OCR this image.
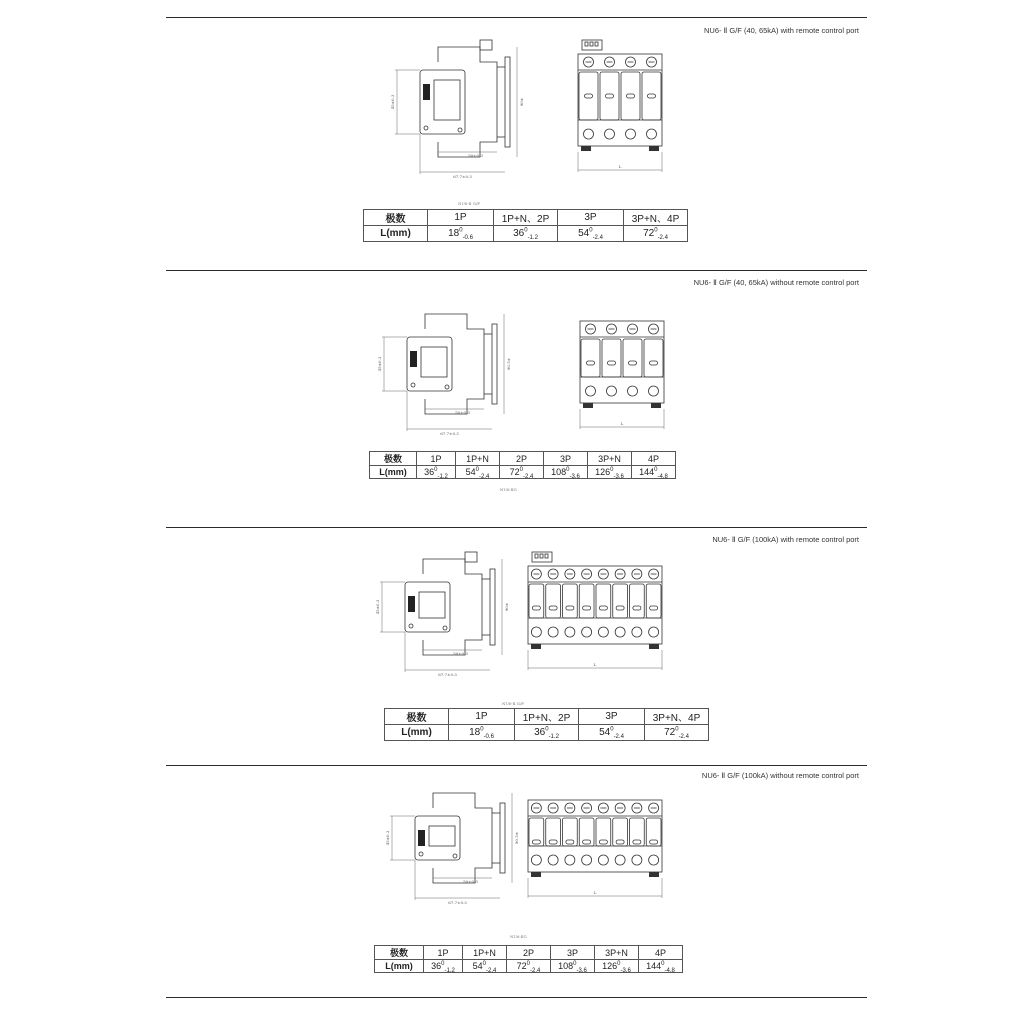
NU6- Ⅱ G/F (40, 65kA) with remote control port
45±0.3	90±
50±0.3
67.7±0.3
L
NU6-Ⅱ G/F
极数	1P	1P+N、2P	3P	3P+N、4P
L(mm)	$18^0_{-0.6}$	$36^0_{-1.2}$	$54^0_{-2.4}$	$72^0_{-2.4}$
NU6- Ⅱ G/F (40, 65kA) without remote control port
45±0.3	90.5±
50±0.3
67.7±0.3
L
极数	1P	1P+N	2P	3P	3P+N	4P
L(mm)	$36^0_{-1.2}$	$54^0_{-2.4}$	$72^0_{-2.4}$	$108^0_{-3.6}$	$126^0_{-3.6}$	$144^0_{-4.8}$
NU6-ⅡG
NU6- Ⅱ G/F (100kA) with remote control port
45±0.3	90±
50±0.3
67.7±0.3
L
NU6-Ⅱ G/F
极数	1P	1P+N、2P	3P	3P+N、4P
L(mm)	$18^0_{-0.6}$	$36^0_{-1.2}$	$54^0_{-2.4}$	$72^0_{-2.4}$
NU6- Ⅱ G/F (100kA) without remote control port
45±0.3	90.5±
50±0.3
67.7±0.3
L
NU6-ⅡG
极数	1P	1P+N	2P	3P	3P+N	4P
L(mm)	$36^0_{-1.2}$	$54^0_{-2.4}$	$72^0_{-2.4}$	$108^0_{-3.6}$	$126^0_{-3.6}$	$144^0_{-4.8}$
